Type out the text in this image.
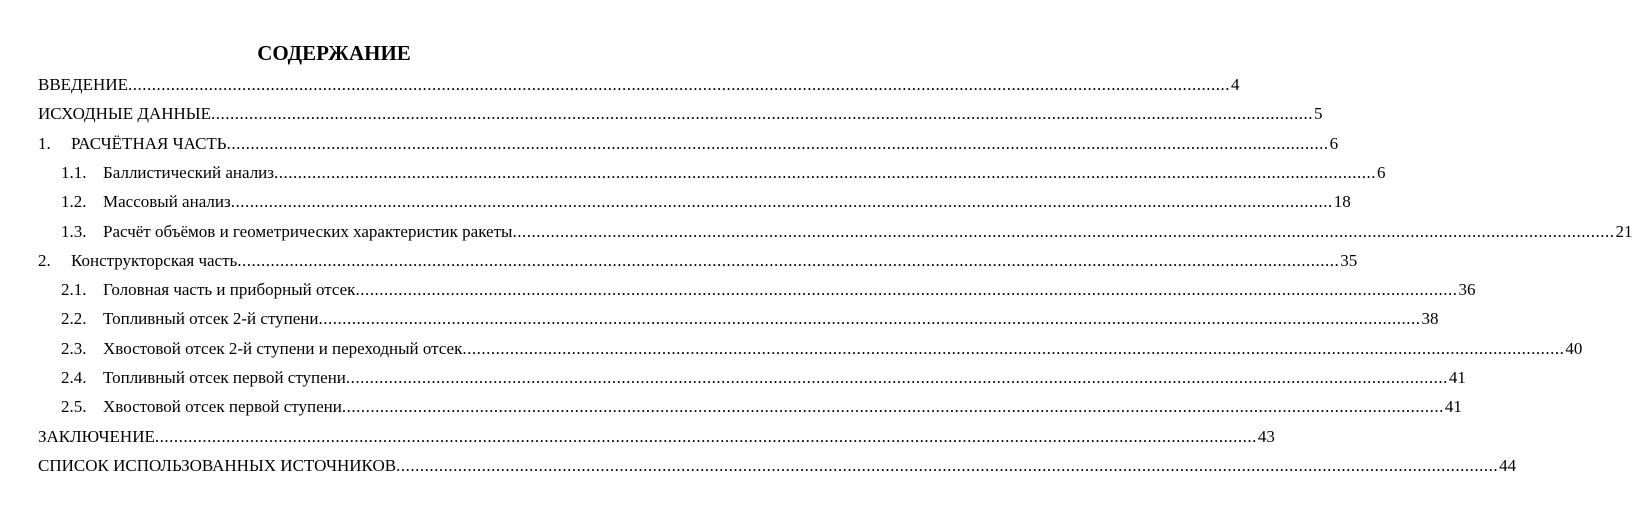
СОДЕРЖАНИЕ
ВВЕДЕНИЕ .....	4
ИСХОДНЫЕ ДАННЫЕ .....	5
1.	РАСЧЁТНАЯ ЧАСТЬ .....	6
1.1. Баллистический анализ .....	6
1.2. Массовый анализ .....	18
1.3. Расчёт объёмов и геометрических характеристик ракеты .....	21
2.	Конструкторская часть .....	35
2.1. Головная часть и приборный отсек .....	36
2.2. Топливный отсек 2-й ступени .....	38
2.3. Хвостовой отсек 2-й ступени и переходный отсек .....	40
2.4. Топливный отсек первой ступени .....	41
2.5. Хвостовой отсек первой ступени .....	41
ЗАКЛЮЧЕНИЕ .....	43
СПИСОК ИСПОЛЬЗОВАННЫХ ИСТОЧНИКОВ .....	44
